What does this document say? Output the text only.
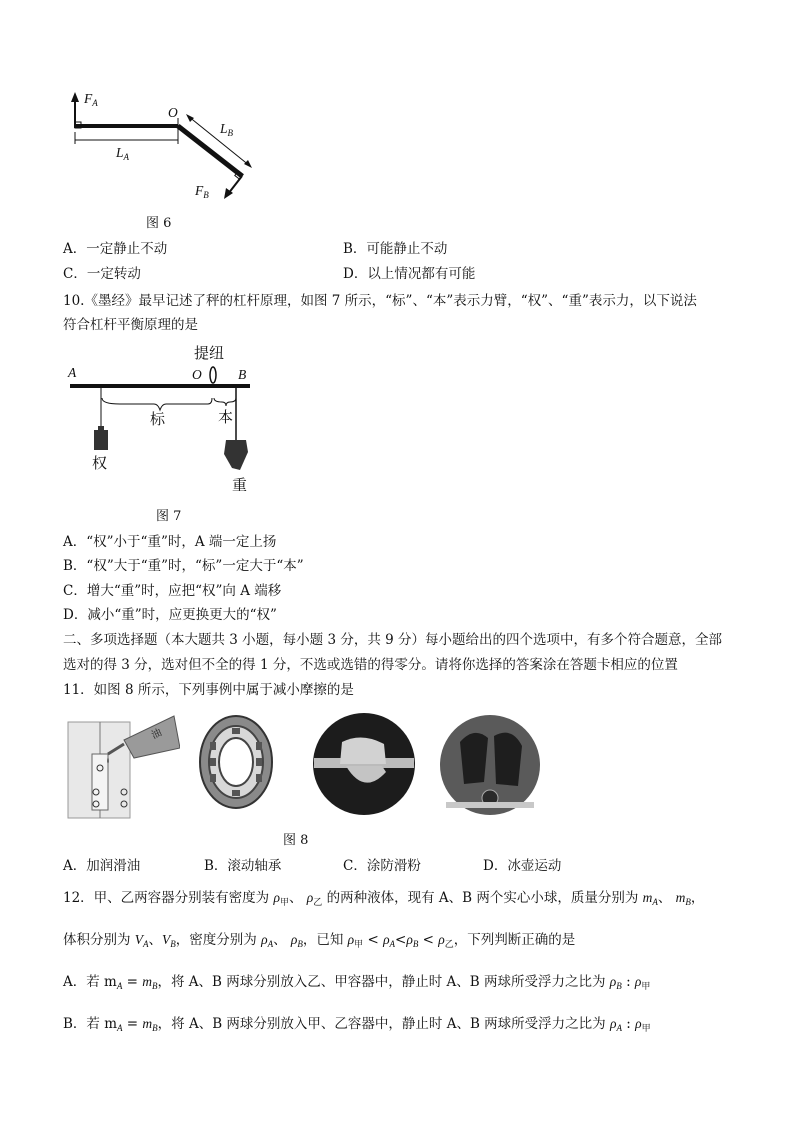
$F_A$
O
$L_B$
$L_A$
$F_B$
图 6
A．一定静止不动	B．可能静止不动
C．一定转动	D．以上情况都有可能
10.《墨经》最早记述了秤的杠杆原理，如图 7 所示，“标”、“本”表示力臂，“权”、“重”表示力，以下说法
符合杠杆平衡原理的是
A	O	B
提纽
标	本
权
重
图 7
A．“权”小于“重”时，A 端一定上扬
B．“权”大于“重”时，“标”一定大于“本”
C．增大“重”时，应把“权”向 A 端移
D．减小“重”时，应更换更大的“权”
二、多项选择题（本大题共 3 小题，每小题 3 分，共 9 分）每小题给出的四个选项中，有多个符合题意，全部
选对的得 3 分，选对但不全的得 1 分，不选或选错的得零分。请将你选择的答案涂在答题卡相应的位置
11．如图 8 所示，下列事例中属于减小摩擦的是
油
图 8
A．加润滑油	B．滚动轴承	C．涂防滑粉	D．冰壶运动
12．甲、乙两容器分别装有密度为 $\rho_甲$、 $\rho_乙$ 的两种液体，现有 A、B 两个实心小球，质量分别为 $m_A$、 $m_B$，
体积分别为 $V_A$、$V_B$，密度分别为 $\rho_A$、 $\rho_B$，已知 $\rho_甲 < \rho_A<\rho_B < \rho_乙$，下列判断正确的是
A．若 $m_A = m_B$，将 A、B 两球分别放入乙、甲容器中，静止时 A、B 两球所受浮力之比为 $\rho_B$ : $\rho_甲$
B．若 $m_A = m_B$，将 A、B 两球分别放入甲、乙容器中，静止时 A、B 两球所受浮力之比为 $\rho_A$ : $\rho_甲$
